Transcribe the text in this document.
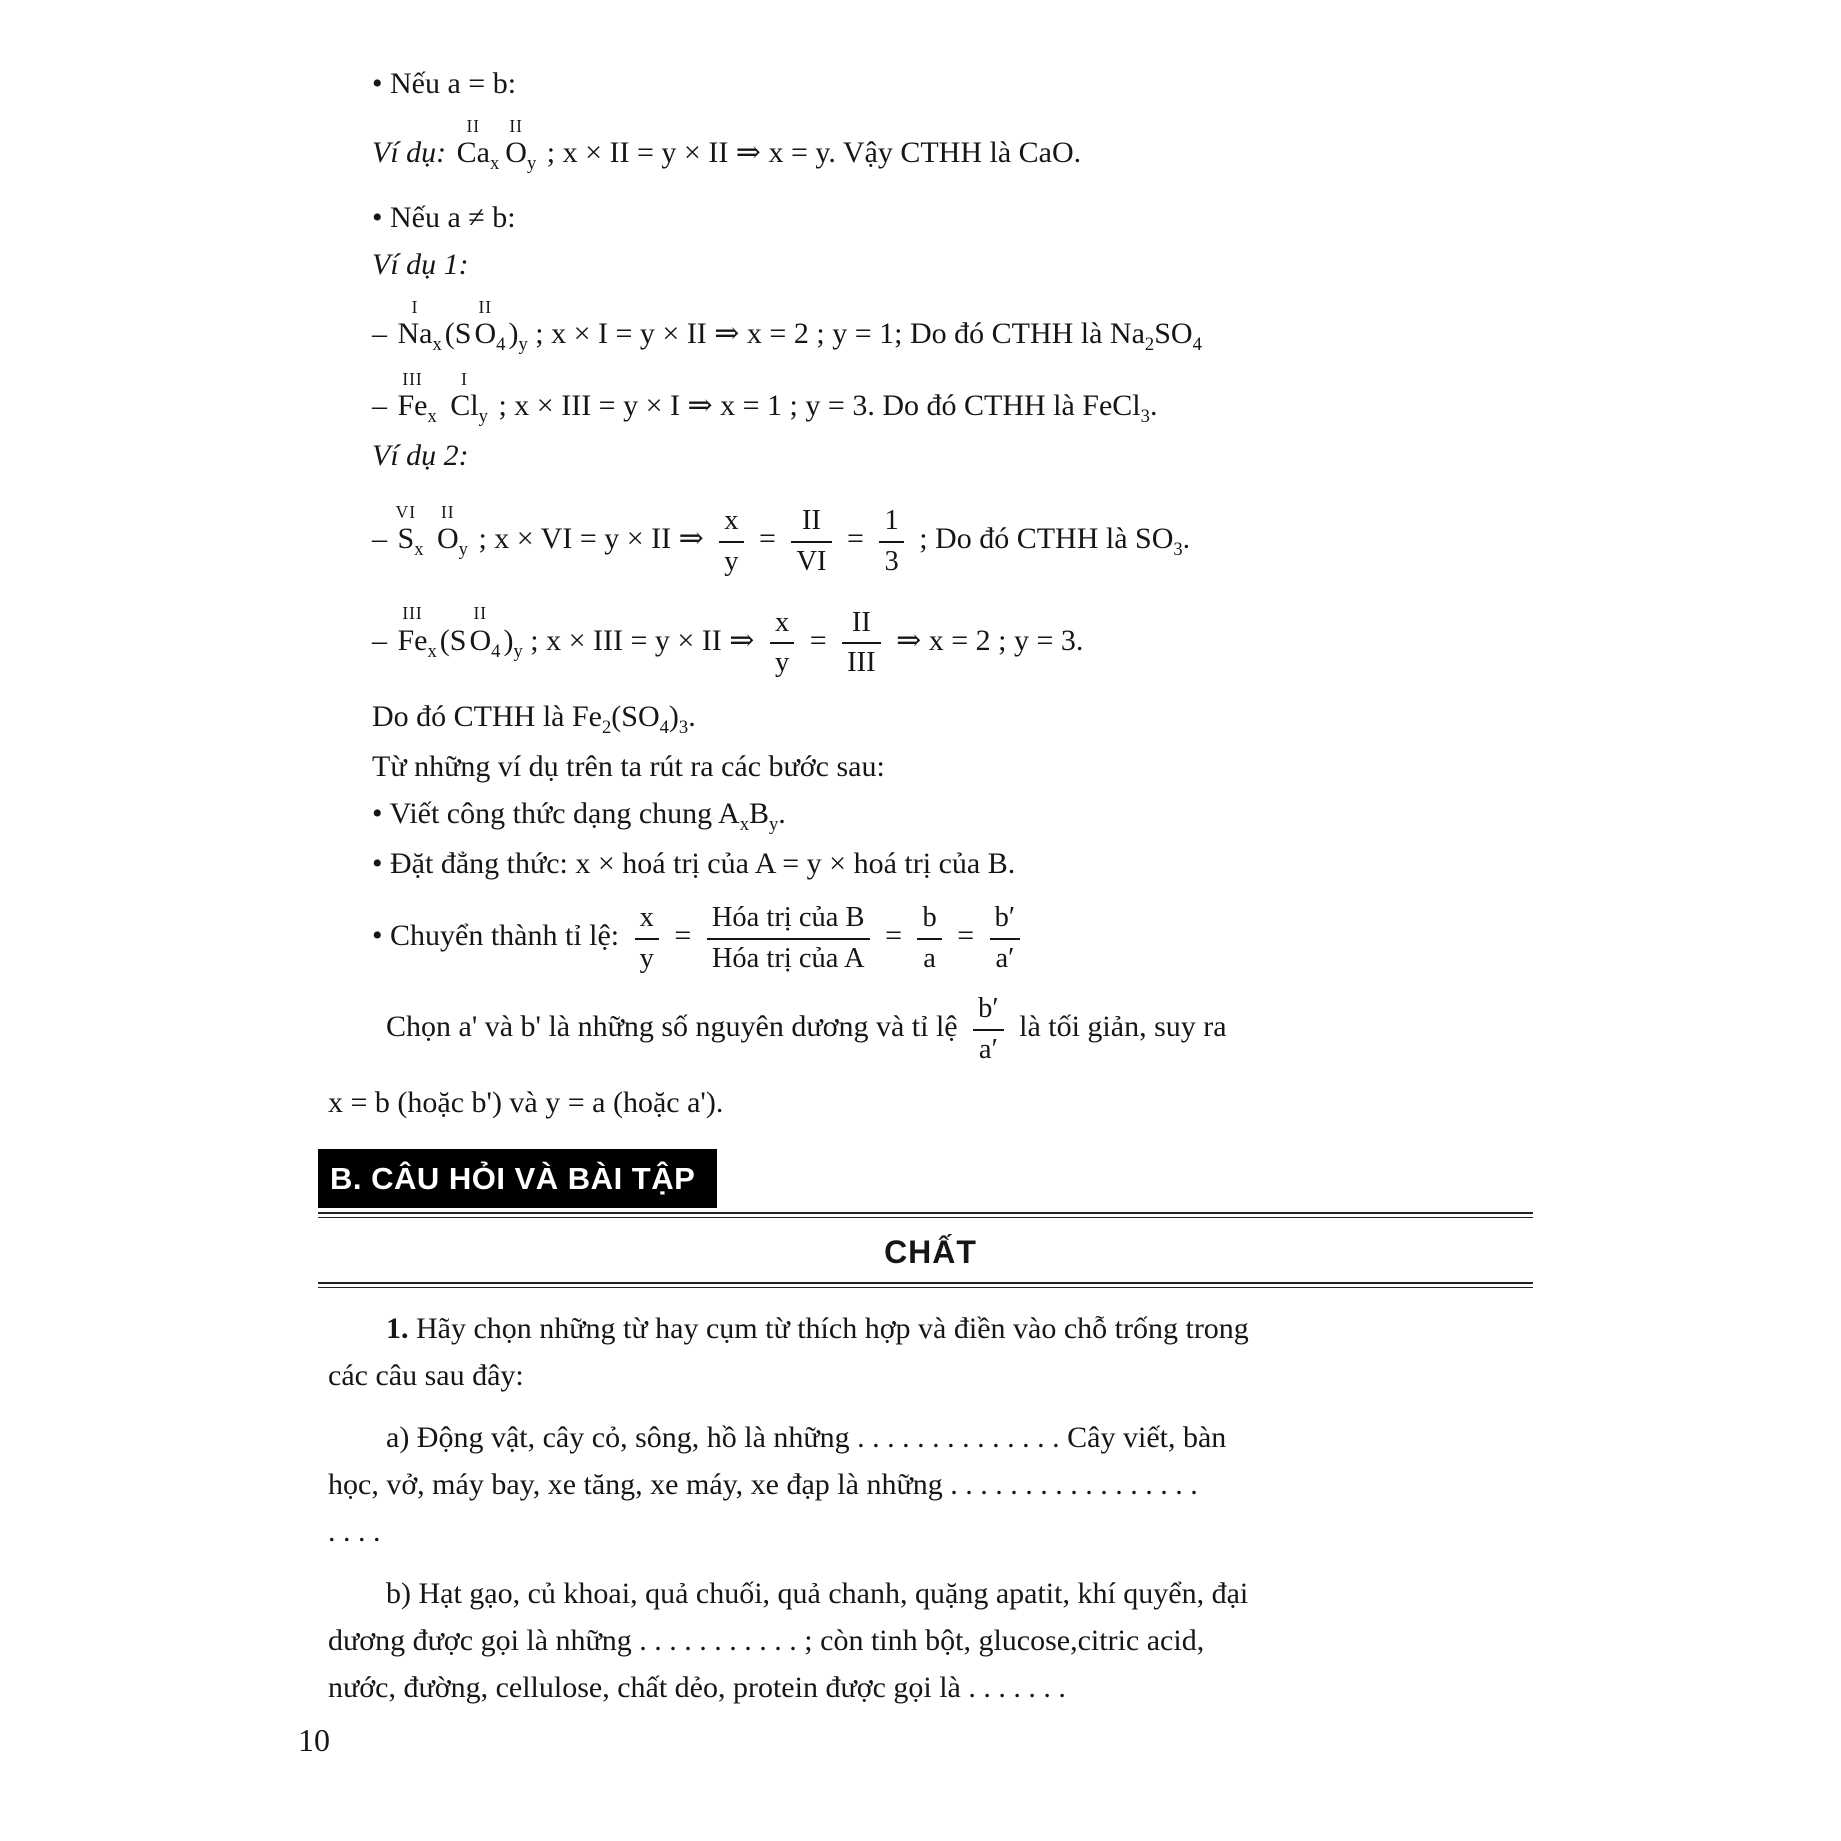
• Nếu a = b:

Ví dụ: Ca
II
$_x$ O
II
$_y$ ; x × II = y × II ⇒ x = y. Vậy CTHH là CaO.

• Nếu a ≠ b:

Ví dụ 1:

– Na
I
$_x$ (S O
II
$_4$ )$_y$ ; x × I = y × II ⇒ x = 2 ; y = 1; Do đó CTHH là $Na_2SO_4$

– Fe
III
$_x$ Cl
I
$_y$ ; x × III = y × I ⇒ x = 1 ; y = 3. Do đó CTHH là FeCl$_3$.

Ví dụ 2:

– S
VI
$_x$ O
II
$_y$ ; x × VI = y × II ⇒ $\frac{x}{y} = \frac{II}{VI} = \frac{1}{3}$ ; Do đó CTHH là $SO_3$.

– Fe
III
$_x$ (S O
II
$_4$ )$_y$ ; x × III = y × II ⇒ $\frac{x}{y} = \frac{II}{\text{III}}$ ⇒ x = 2 ; y = 3.

Do đó CTHH là $Fe_2(SO_4)_3$.

Từ những ví dụ trên ta rút ra các bước sau:

• Viết công thức dạng chung $A_xB_y$.

• Đặt đẳng thức: x × hoá trị của A = y × hoá trị của B.

• Chuyển thành tỉ lệ: $\frac{x}{y} = \frac{\text{Hóa trị của B}}{\text{Hóa trị của A}} = \frac{b}{a} = \frac{b'}{a'}$

Chọn a' và b' là những số nguyên dương và tỉ lệ $\frac{b'}{a'}$ là tối giản, suy ra

x = b (hoặc b') và y = a (hoặc a').

B. CÂU HỎI VÀ BÀI TẬP
CHẤT

1. Hãy chọn những từ hay cụm từ thích hợp và điền vào chỗ trống trong

các câu sau đây:

a) Động vật, cây cỏ, sông, hồ là những . . . . . . . . . . . . . . Cây viết, bàn

học, vở, máy bay, xe tăng, xe máy, xe đạp là những . . . . . . . . . . . . . . . . .

. . . .

b) Hạt gạo, củ khoai, quả chuối, quả chanh, quặng apatit, khí quyển, đại

dương được gọi là những . . . . . . . . . . . ; còn tinh bột, glucose,citric acid,

nước, đường, cellulose, chất dẻo, protein được gọi là . . . . . . .

10
